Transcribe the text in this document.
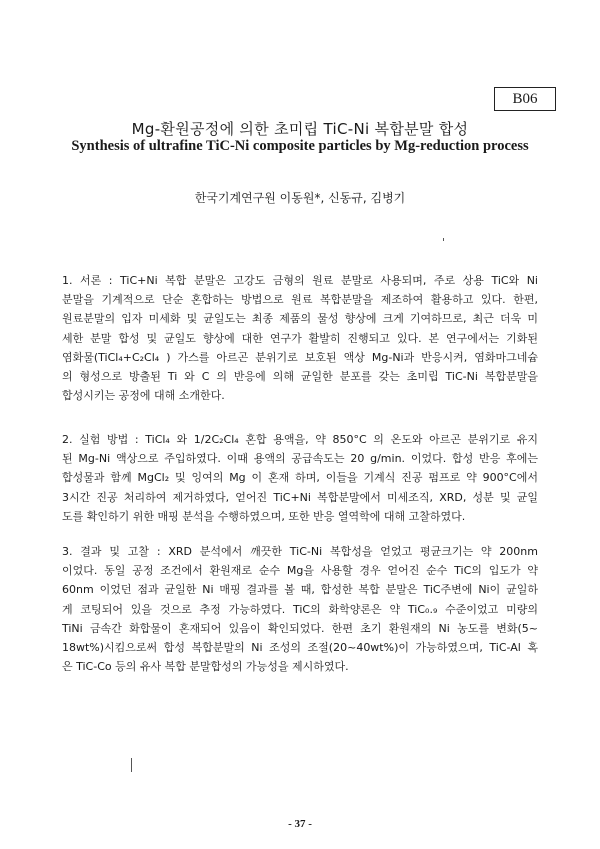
B06
Mg-환원공정에 의한 초미립 TiC-Ni 복합분말 합성
Synthesis of ultrafine TiC-Ni composite particles by Mg-reduction process
한국기계연구원 이동원*, 신동규, 김병기
1. 서론 : TiC+Ni 복합 분말은 고강도 금형의 원료 분말로 사용되며, 주로 상용 TiC와 Ni
분말을 기계적으로 단순 혼합하는 방법으로 원료 복합분말을 제조하여 활용하고 있다. 한편,
원료분말의 입자 미세화 및 균일도는 최종 제품의 물성 향상에 크게 기여하므로, 최근 더욱 미
세한 분말 합성 및 균일도 향상에 대한 연구가 활발히 진행되고 있다. 본 연구에서는 기화된
염화물(TiCl₄+C₂Cl₄ ) 가스를 아르곤 분위기로 보호된 액상 Mg-Ni과 반응시켜, 염화마그네슘
의 형성으로 방출된 Ti 와 C 의 반응에 의해 균일한 분포를 갖는 초미립 TiC-Ni 복합분말을
합성시키는 공정에 대해 소개한다.
2. 실험 방법 : TiCl₄ 와 1/2C₂Cl₄ 혼합 용액을, 약 850°C 의 온도와 아르곤 분위기로 유지
된 Mg-Ni 액상으로 주입하였다. 이때 용액의 공급속도는 20 g/min. 이었다. 합성 반응 후에는
합성물과 함께 MgCl₂ 및 잉여의 Mg 이 혼재 하며, 이들을 기계식 진공 펌프로 약 900°C에서
3시간 진공 처리하여 제거하였다, 얻어진 TiC+Ni 복합분말에서 미세조직, XRD, 성분 및 균일
도를 확인하기 위한 매핑 분석을 수행하였으며, 또한 반응 열역학에 대해 고찰하였다.
3. 결과 및 고찰 : XRD 분석에서 깨끗한 TiC-Ni 복합성을 얻었고 평균크기는 약 200nm
이었다. 동일 공정 조건에서 환원재로 순수 Mg을 사용할 경우 얻어진 순수 TiC의 입도가 약
60nm 이었던 점과 균일한 Ni 매핑 결과를 볼 때, 합성한 복합 분말은 TiC주변에 Ni이 균일하
게 코팅되어 있을 것으로 추정 가능하였다. TiC의 화학양론은 약 TiC₀.₉ 수준이었고 미량의
TiNi 금속간 화합물이 혼재되어 있음이 확인되었다. 한편 초기 환원재의 Ni 농도를 변화(5~
18wt%)시킴으로써 합성 복합분말의 Ni 조성의 조절(20~40wt%)이 가능하였으며, TiC-Al 혹
은 TiC-Co 등의 유사 복합 분말합성의 가능성을 제시하였다.
- 37 -
